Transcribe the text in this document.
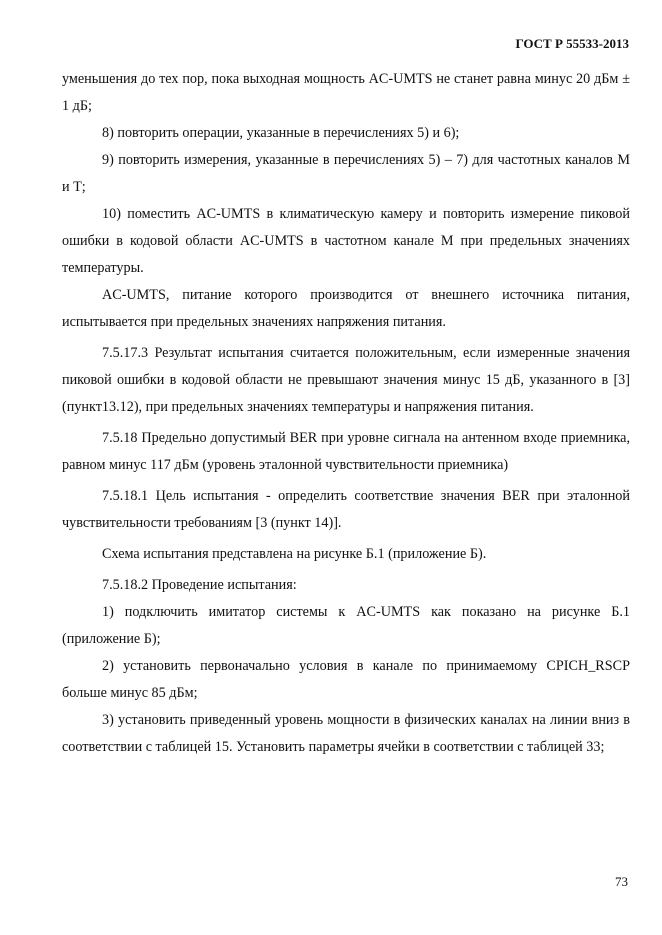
ГОСТ Р 55533-2013

уменьшения до тех пор, пока выходная мощность AC-UMTS не станет равна минус 20 дБм ± 1 дБ;

8) повторить операции, указанные в перечислениях 5) и 6);

9) повторить измерения, указанные в перечислениях 5) – 7) для частотных каналов М и Т;

10) поместить AC-UMTS в климатическую камеру и повторить измерение пиковой ошибки в кодовой области AC-UMTS в частотном канале М при предельных значениях температуры.

AC-UMTS, питание которого производится от внешнего источника питания, испытывается при предельных значениях напряжения питания.

7.5.17.3 Результат испытания считается положительным, если измеренные значения пиковой ошибки в кодовой области не превышают значения минус 15 дБ, указанного в [3] (пункт13.12), при предельных значениях температуры и напряжения питания.

7.5.18 Предельно допустимый BER при уровне сигнала на антенном входе приемника, равном минус 117 дБм (уровень эталонной чувствительности приемника)

7.5.18.1 Цель испытания - определить соответствие значения BER при эталонной чувствительности требованиям [3 (пункт 14)].

Схема испытания представлена на рисунке Б.1 (приложение Б).

7.5.18.2 Проведение испытания:

1) подключить имитатор системы к AC-UMTS как показано на рисунке Б.1 (приложение Б);

2) установить первоначально условия в канале по принимаемому CPICH_RSCP больше минус 85 дБм;

3) установить приведенный уровень мощности в физических каналах на линии вниз в соответствии с таблицей 15. Установить параметры ячейки в соответствии с таблицей 33;

73
